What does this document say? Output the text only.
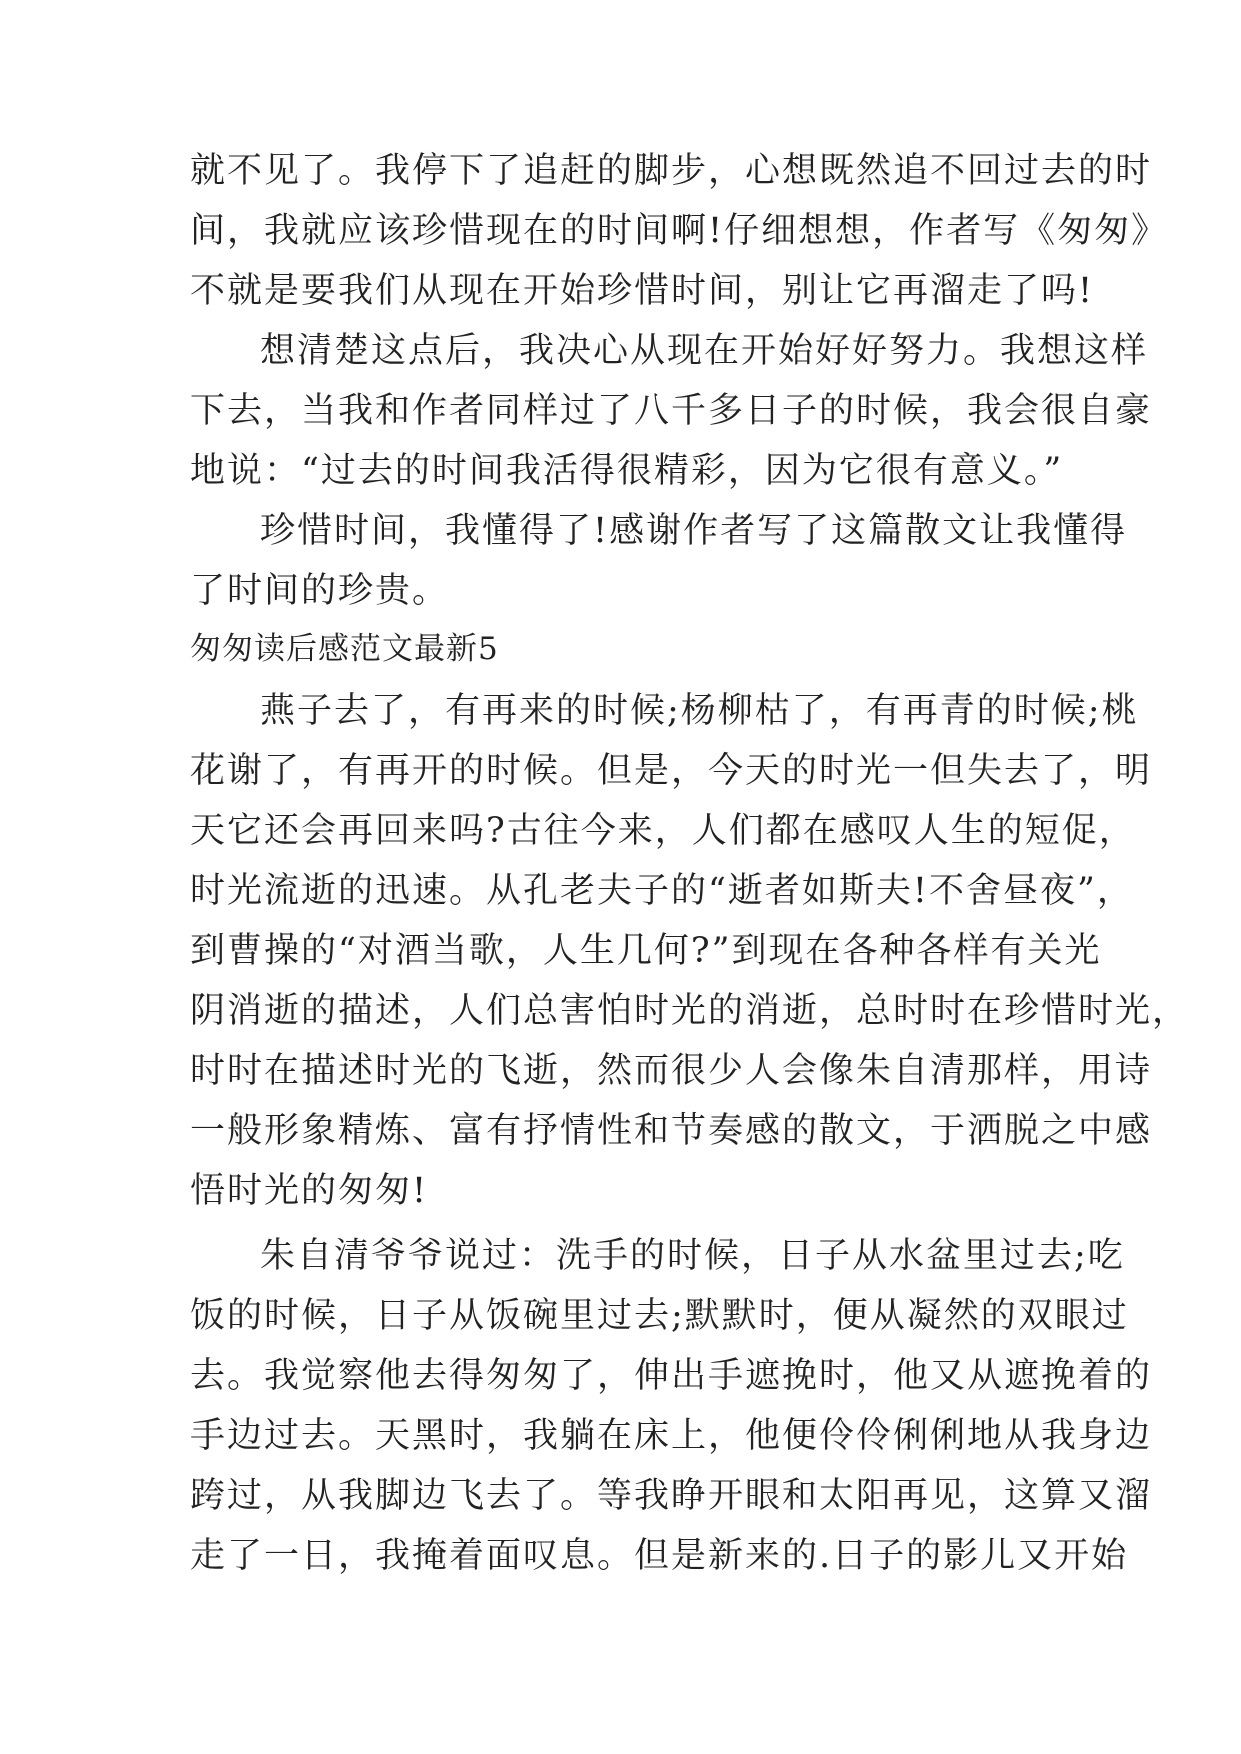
就不见了。我停下了追赶的脚步，心想既然追不回过去的时
间，我就应该珍惜现在的时间啊!仔细想想，作者写《匆匆》
不就是要我们从现在开始珍惜时间，别让它再溜走了吗!
想清楚这点后，我决心从现在开始好好努力。我想这样
下去，当我和作者同样过了八千多日子的时候，我会很自豪
地说：“过去的时间我活得很精彩，因为它很有意义。”
珍惜时间，我懂得了!感谢作者写了这篇散文让我懂得
了时间的珍贵。
匆匆读后感范文最新5
燕子去了，有再来的时候;杨柳枯了，有再青的时候;桃
花谢了，有再开的时候。但是，今天的时光一但失去了，明
天它还会再回来吗?古往今来，人们都在感叹人生的短促，
时光流逝的迅速。从孔老夫子的“逝者如斯夫!不舍昼夜”，
到曹操的“对酒当歌，人生几何?”到现在各种各样有关光
阴消逝的描述，人们总害怕时光的消逝，总时时在珍惜时光，
时时在描述时光的飞逝，然而很少人会像朱自清那样，用诗
一般形象精炼、富有抒情性和节奏感的散文，于洒脱之中感
悟时光的匆匆!
朱自清爷爷说过：洗手的时候，日子从水盆里过去;吃
饭的时候，日子从饭碗里过去;默默时，便从凝然的双眼过
去。我觉察他去得匆匆了，伸出手遮挽时，他又从遮挽着的
手边过去。天黑时，我躺在床上，他便伶伶俐俐地从我身边
跨过，从我脚边飞去了。等我睁开眼和太阳再见，这算又溜
走了一日，我掩着面叹息。但是新来的.日子的影儿又开始
